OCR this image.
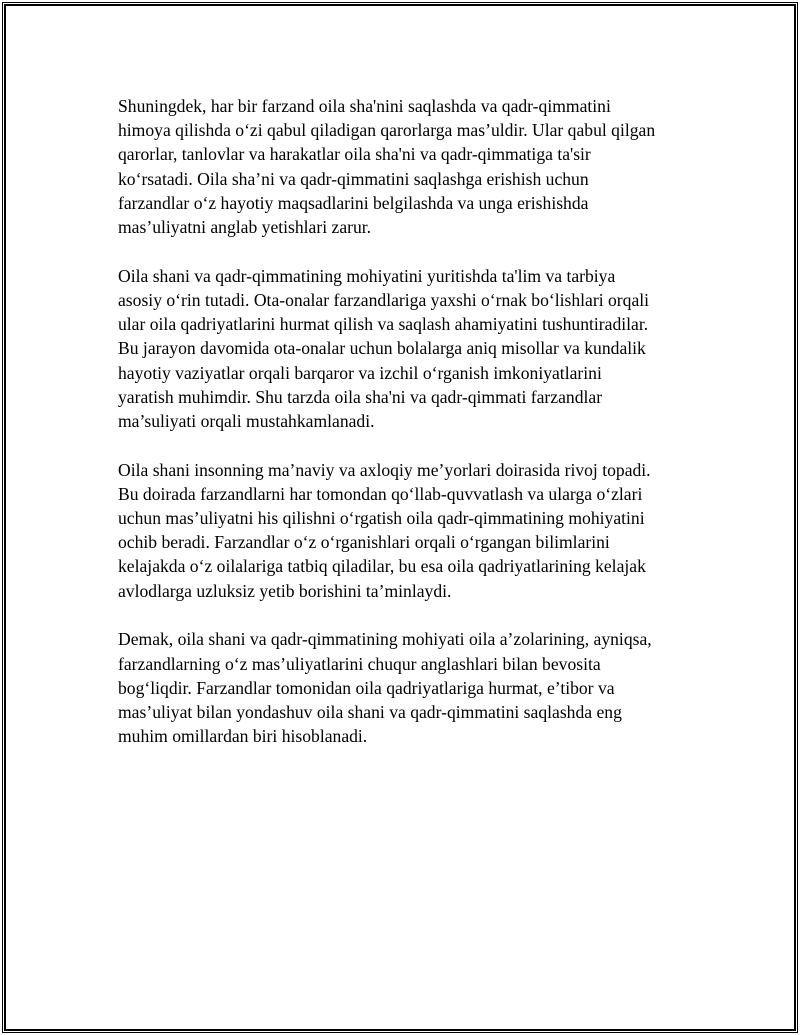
Shuningdek, har bir farzand oila sha'nini saqlashda va qadr-qimmatini
himoya qilishda o‘zi qabul qiladigan qarorlarga mas’uldir. Ular qabul qilgan
qarorlar, tanlovlar va harakatlar oila sha'ni va qadr-qimmatiga ta'sir
ko‘rsatadi. Oila sha’ni va qadr-qimmatini saqlashga erishish uchun
farzandlar o‘z hayotiy maqsadlarini belgilashda va unga erishishda
mas’uliyatni anglab yetishlari zarur.

Oila shani va qadr-qimmatining mohiyatini yuritishda ta'lim va tarbiya
asosiy o‘rin tutadi. Ota-onalar farzandlariga yaxshi o‘rnak bo‘lishlari orqali
ular oila qadriyatlarini hurmat qilish va saqlash ahamiyatini tushuntiradilar.
Bu jarayon davomida ota-onalar uchun bolalarga aniq misollar va kundalik
hayotiy vaziyatlar orqali barqaror va izchil o‘rganish imkoniyatlarini
yaratish muhimdir. Shu tarzda oila sha'ni va qadr-qimmati farzandlar
ma’suliyati orqali mustahkamlanadi.

Oila shani insonning ma’naviy va axloqiy me’yorlari doirasida rivoj topadi.
Bu doirada farzandlarni har tomondan qo‘llab-quvvatlash va ularga o‘zlari
uchun mas’uliyatni his qilishni o‘rgatish oila qadr-qimmatining mohiyatini
ochib beradi. Farzandlar o‘z o‘rganishlari orqali o‘rgangan bilimlarini
kelajakda o‘z oilalariga tatbiq qiladilar, bu esa oila qadriyatlarining kelajak
avlodlarga uzluksiz yetib borishini ta’minlaydi.

Demak, oila shani va qadr-qimmatining mohiyati oila a’zolarining, ayniqsa,
farzandlarning o‘z mas’uliyatlarini chuqur anglashlari bilan bevosita
bog‘liqdir. Farzandlar tomonidan oila qadriyatlariga hurmat, e’tibor va
mas’uliyat bilan yondashuv oila shani va qadr-qimmatini saqlashda eng
muhim omillardan biri hisoblanadi.
